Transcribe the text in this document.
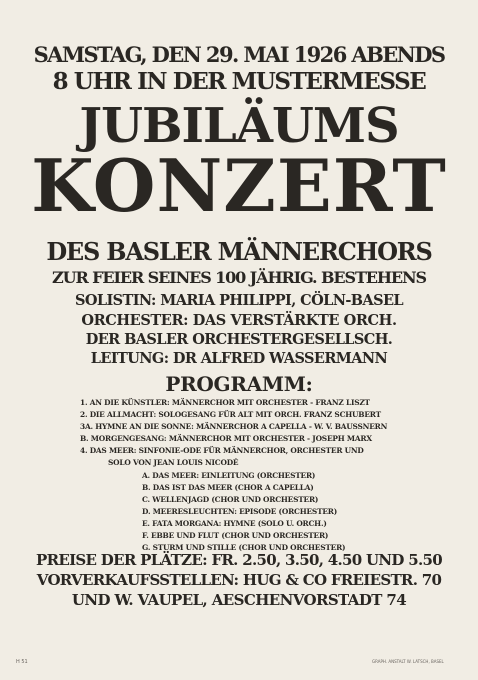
SAMSTAG, DEN 29. MAI 1926 ABENDS
8 UHR IN DER MUSTERMESSE
JUBILÄUMS
KONZERT
DES BASLER MÄNNERCHORS
ZUR FEIER SEINES 100 JÄHRIG. BESTEHENS
SOLISTIN: MARIA PHILIPPI, CÖLN-BASEL
ORCHESTER: DAS VERSTÄRKTE ORCH.
DER BASLER ORCHESTERGESELLSCH.
LEITUNG: DR ALFRED WASSERMANN
PROGRAMM:
1. AN DIE KÜNSTLER: MÄNNERCHOR MIT ORCHESTER - FRANZ LISZT
2. DIE ALLMACHT: SOLOGESANG FÜR ALT MIT ORCH. FRANZ SCHUBERT
3A. HYMNE AN DIE SONNE: MÄNNERCHOR A CAPELLA - W. V. BAUSSNERN
B. MORGENGESANG: MÄNNERCHOR MIT ORCHESTER - JOSEPH MARX
4. DAS MEER: SINFONIE-ODE FÜR MÄNNERCHOR, ORCHESTER UND
SOLO VON JEAN LOUIS NICODÉ
A. DAS MEER: EINLEITUNG (ORCHESTER)
B. DAS IST DAS MEER (CHOR A CAPELLA)
C. WELLENJAGD (CHOR UND ORCHESTER)
D. MEERESLEUCHTEN: EPISODE (ORCHESTER)
E. FATA MORGANA: HYMNE (SOLO U. ORCH.)
F. EBBE UND FLUT (CHOR UND ORCHESTER)
G. STURM UND STILLE (CHOR UND ORCHESTER)
PREISE DER PLÄTZE: FR. 2.50, 3.50, 4.50 UND 5.50
VORVERKAUFSSTELLEN: HUG & CO FREIESTR. 70
UND W. VAUPEL, AESCHENVORSTADT 74
H 51	GRAPH. ANSTALT W. LATSCH, BASEL
